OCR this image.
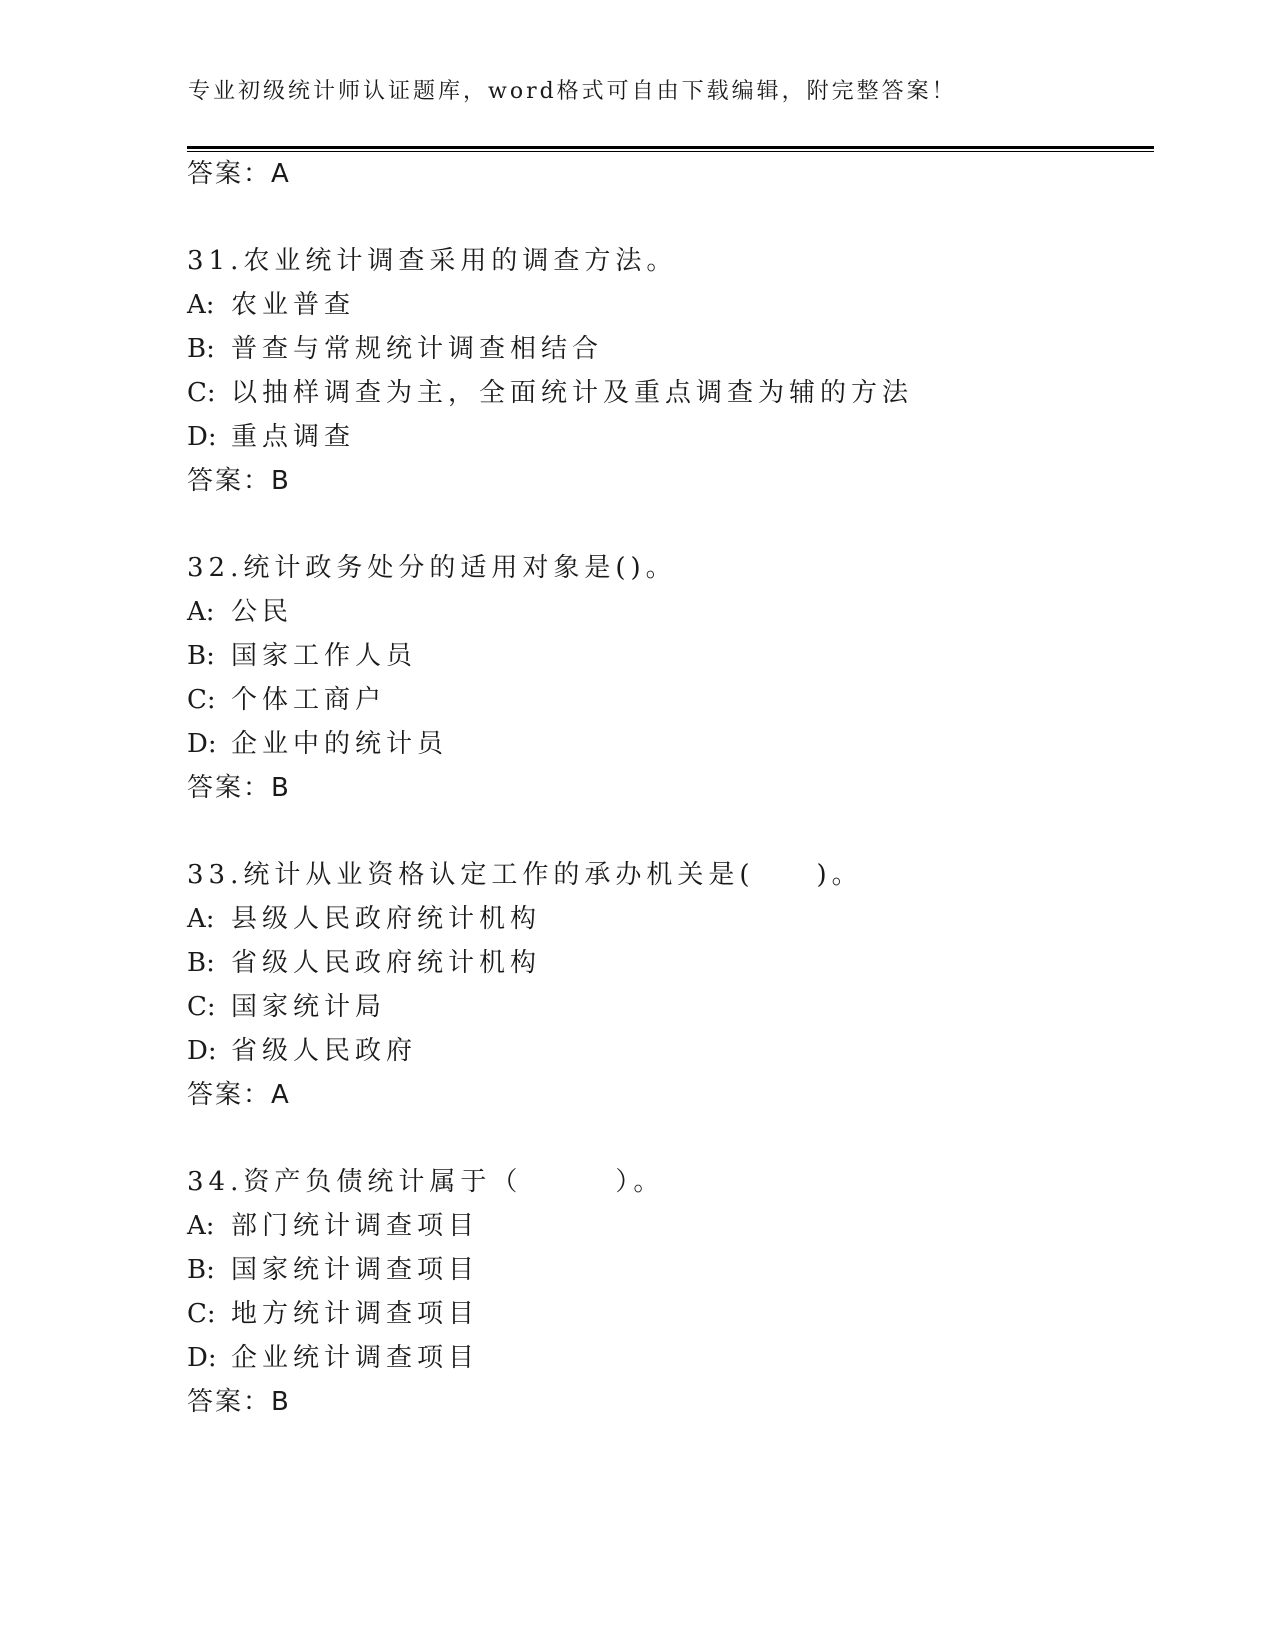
专业初级统计师认证题库，word格式可自由下载编辑，附完整答案！
答案：A
31.农业统计调查采用的调查方法。
A: 农业普查
B: 普查与常规统计调查相结合
C: 以抽样调查为主，全面统计及重点调查为辅的方法
D: 重点调查
答案：B
32.统计政务处分的适用对象是()。
A: 公民
B: 国家工作人员
C: 个体工商户
D: 企业中的统计员
答案：B
33.统计从业资格认定工作的承办机关是(　　)。
A: 县级人民政府统计机构
B: 省级人民政府统计机构
C: 国家统计局
D: 省级人民政府
答案：A
34.资产负债统计属于（　　　）。
A: 部门统计调查项目
B: 国家统计调查项目
C: 地方统计调查项目
D: 企业统计调查项目
答案：B
